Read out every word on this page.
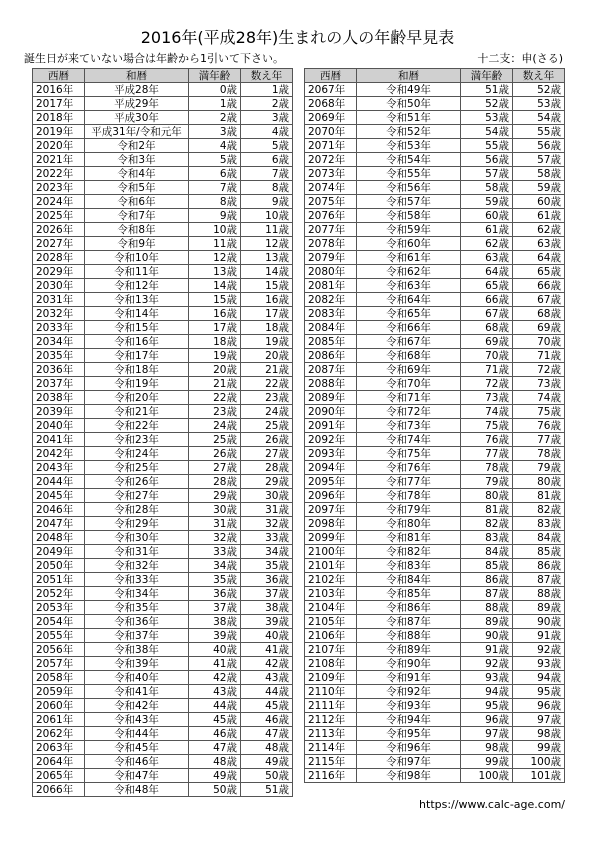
2016年(平成28年)生まれの人の年齢早見表
誕生日が来ていない場合は年齢から1引いて下さい。	十二支：申(さる)
西暦	和暦	満年齢	数え年
2016年	平成28年	0歳	1歳
2017年	平成29年	1歳	2歳
2018年	平成30年	2歳	3歳
2019年	平成31年/令和元年	3歳	4歳
2020年	令和2年	4歳	5歳
2021年	令和3年	5歳	6歳
2022年	令和4年	6歳	7歳
2023年	令和5年	7歳	8歳
2024年	令和6年	8歳	9歳
2025年	令和7年	9歳	10歳
2026年	令和8年	10歳	11歳
2027年	令和9年	11歳	12歳
2028年	令和10年	12歳	13歳
2029年	令和11年	13歳	14歳
2030年	令和12年	14歳	15歳
2031年	令和13年	15歳	16歳
2032年	令和14年	16歳	17歳
2033年	令和15年	17歳	18歳
2034年	令和16年	18歳	19歳
2035年	令和17年	19歳	20歳
2036年	令和18年	20歳	21歳
2037年	令和19年	21歳	22歳
2038年	令和20年	22歳	23歳
2039年	令和21年	23歳	24歳
2040年	令和22年	24歳	25歳
2041年	令和23年	25歳	26歳
2042年	令和24年	26歳	27歳
2043年	令和25年	27歳	28歳
2044年	令和26年	28歳	29歳
2045年	令和27年	29歳	30歳
2046年	令和28年	30歳	31歳
2047年	令和29年	31歳	32歳
2048年	令和30年	32歳	33歳
2049年	令和31年	33歳	34歳
2050年	令和32年	34歳	35歳
2051年	令和33年	35歳	36歳
2052年	令和34年	36歳	37歳
2053年	令和35年	37歳	38歳
2054年	令和36年	38歳	39歳
2055年	令和37年	39歳	40歳
2056年	令和38年	40歳	41歳
2057年	令和39年	41歳	42歳
2058年	令和40年	42歳	43歳
2059年	令和41年	43歳	44歳
2060年	令和42年	44歳	45歳
2061年	令和43年	45歳	46歳
2062年	令和44年	46歳	47歳
2063年	令和45年	47歳	48歳
2064年	令和46年	48歳	49歳
2065年	令和47年	49歳	50歳
2066年	令和48年	50歳	51歳
西暦	和暦	満年齢	数え年
2067年	令和49年	51歳	52歳
2068年	令和50年	52歳	53歳
2069年	令和51年	53歳	54歳
2070年	令和52年	54歳	55歳
2071年	令和53年	55歳	56歳
2072年	令和54年	56歳	57歳
2073年	令和55年	57歳	58歳
2074年	令和56年	58歳	59歳
2075年	令和57年	59歳	60歳
2076年	令和58年	60歳	61歳
2077年	令和59年	61歳	62歳
2078年	令和60年	62歳	63歳
2079年	令和61年	63歳	64歳
2080年	令和62年	64歳	65歳
2081年	令和63年	65歳	66歳
2082年	令和64年	66歳	67歳
2083年	令和65年	67歳	68歳
2084年	令和66年	68歳	69歳
2085年	令和67年	69歳	70歳
2086年	令和68年	70歳	71歳
2087年	令和69年	71歳	72歳
2088年	令和70年	72歳	73歳
2089年	令和71年	73歳	74歳
2090年	令和72年	74歳	75歳
2091年	令和73年	75歳	76歳
2092年	令和74年	76歳	77歳
2093年	令和75年	77歳	78歳
2094年	令和76年	78歳	79歳
2095年	令和77年	79歳	80歳
2096年	令和78年	80歳	81歳
2097年	令和79年	81歳	82歳
2098年	令和80年	82歳	83歳
2099年	令和81年	83歳	84歳
2100年	令和82年	84歳	85歳
2101年	令和83年	85歳	86歳
2102年	令和84年	86歳	87歳
2103年	令和85年	87歳	88歳
2104年	令和86年	88歳	89歳
2105年	令和87年	89歳	90歳
2106年	令和88年	90歳	91歳
2107年	令和89年	91歳	92歳
2108年	令和90年	92歳	93歳
2109年	令和91年	93歳	94歳
2110年	令和92年	94歳	95歳
2111年	令和93年	95歳	96歳
2112年	令和94年	96歳	97歳
2113年	令和95年	97歳	98歳
2114年	令和96年	98歳	99歳
2115年	令和97年	99歳	100歳
2116年	令和98年	100歳	101歳
https://www.calc-age.com/
